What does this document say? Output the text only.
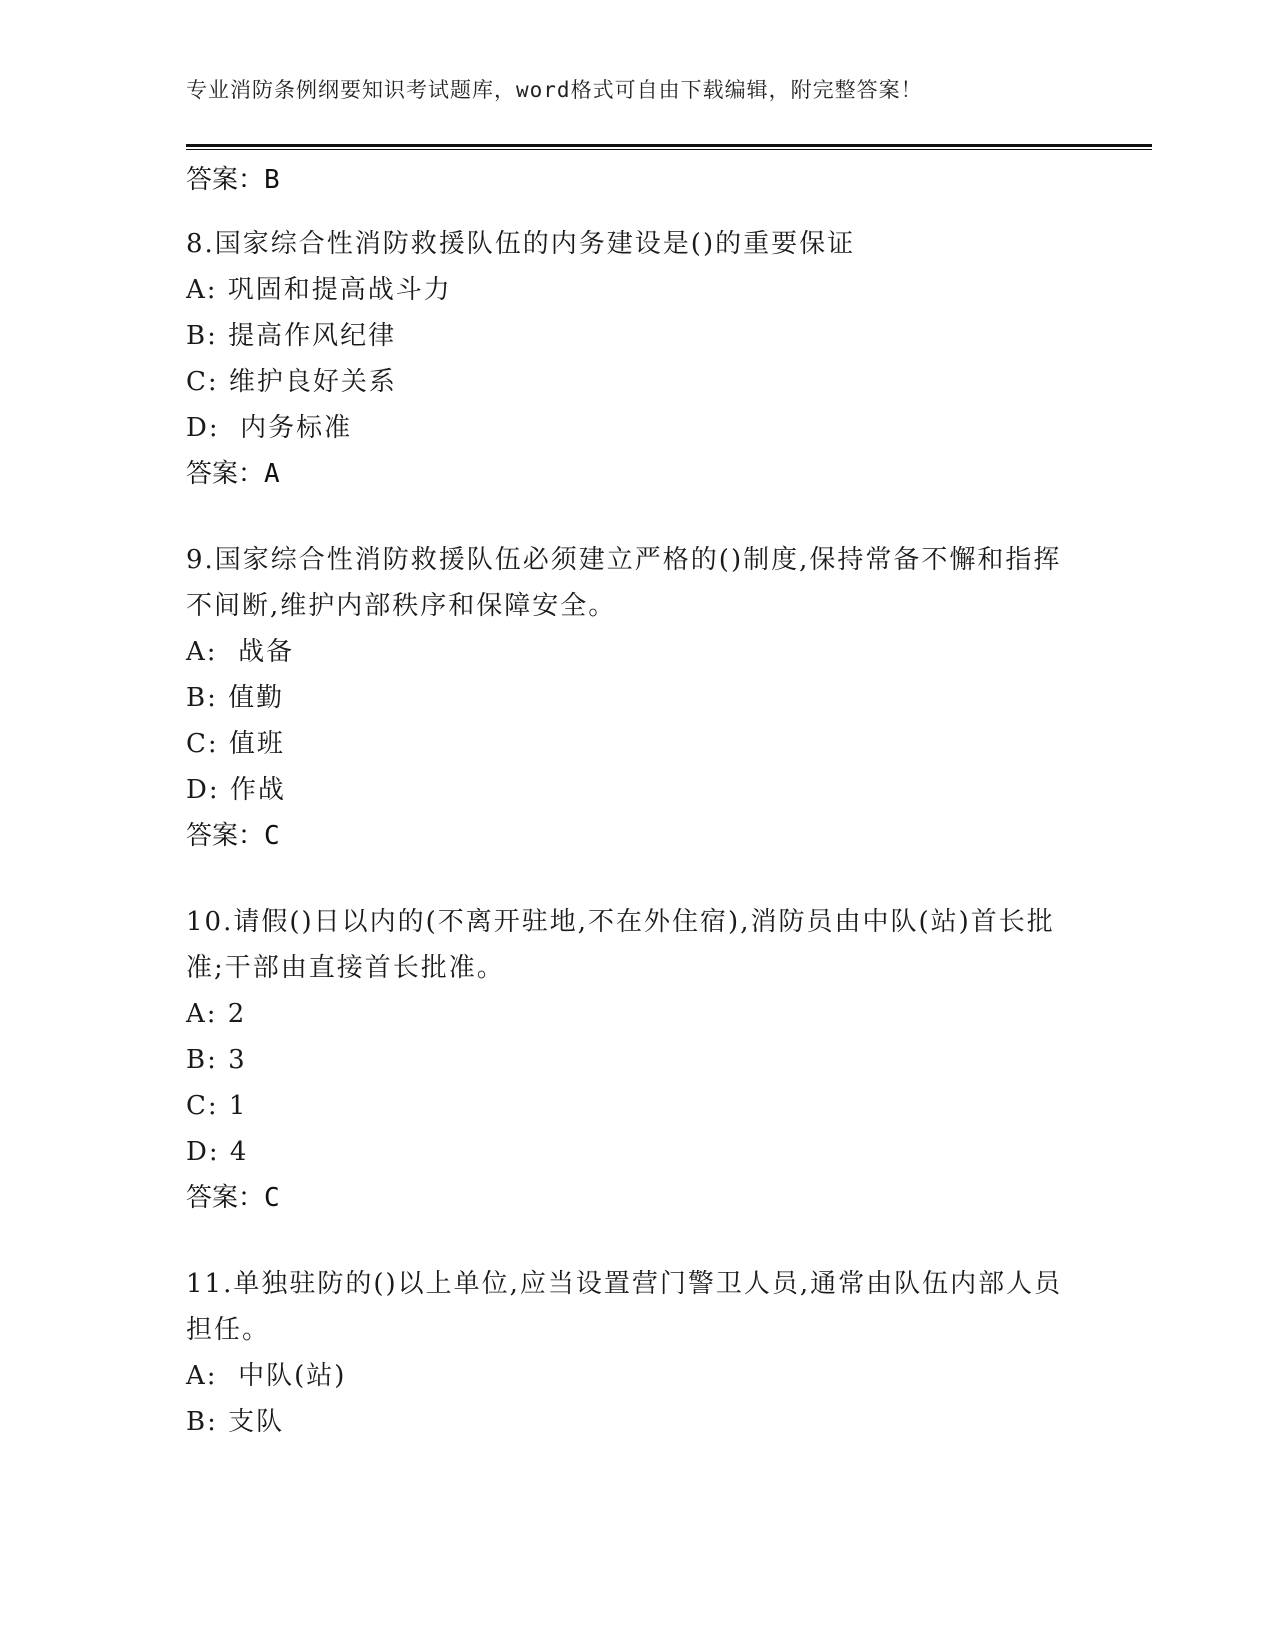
专业消防条例纲要知识考试题库，word格式可自由下载编辑，附完整答案！
答案：B

8.国家综合性消防救援队伍的内务建设是()的重要保证

A: 巩固和提高战斗力
B: 提高作风纪律
C: 维护良好关系
D:  内务标准
答案：A

9.国家综合性消防救援队伍必须建立严格的()制度,保持常备不懈和指挥不间断,维护内部秩序和保障安全。

A:  战备
B: 值勤
C: 值班
D: 作战
答案：C

10.请假()日以内的(不离开驻地,不在外住宿),消防员由中队(站)首长批准;干部由直接首长批准。

A: 2
B: 3
C: 1
D: 4
答案：C

11.单独驻防的()以上单位,应当设置营门警卫人员,通常由队伍内部人员担任。

A:  中队(站)
B: 支队
